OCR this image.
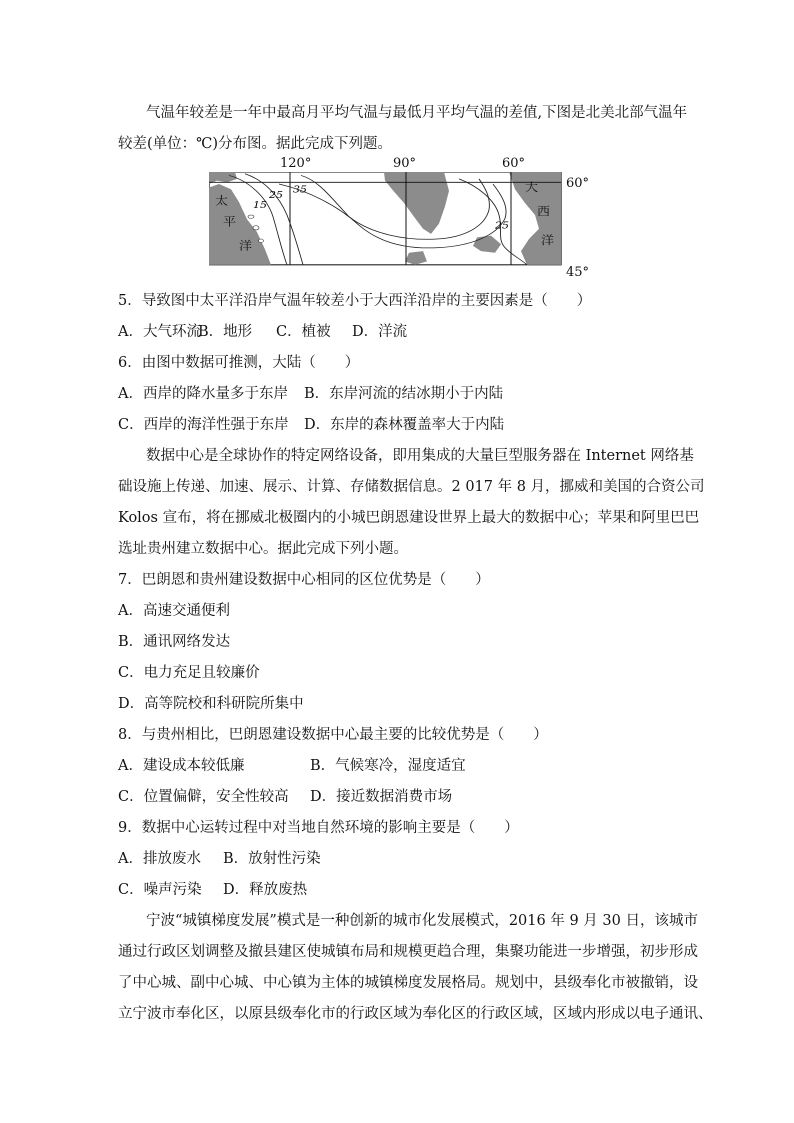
气温年较差是一年中最高月平均气温与最低月平均气温的差值,下图是北美北部气温年
较差(单位：℃)分布图。据此完成下列题。
120°	90°	60°
60°
45°
35
25
15
25
太
平
洋
大
西
洋
5．导致图中太平洋沿岸气温年较差小于大西洋沿岸的主要因素是（　　）
A．大气环流B．地形 C．植被 D．洋流
6．由图中数据可推测，大陆（　　）
A．西岸的降水量多于东岸 B．东岸河流的结冰期小于内陆
C．西岸的海洋性强于东岸 D．东岸的森林覆盖率大于内陆
数据中心是全球协作的特定网络设备，即用集成的大量巨型服务器在 Internet 网络基
础设施上传递、加速、展示、计算、存储数据信息。2 017 年 8 月，挪威和美国的合资公司
Kolos 宣布，将在挪威北极圈内的小城巴朗恩建设世界上最大的数据中心；苹果和阿里巴巴
选址贵州建立数据中心。据此完成下列小题。
7．巴朗恩和贵州建设数据中心相同的区位优势是（　　）
A．高速交通便利
B．通讯网络发达
C．电力充足且较廉价
D．高等院校和科研院所集中
8．与贵州相比，巴朗恩建设数据中心最主要的比较优势是（　　）
A．建设成本较低廉	B．气候寒冷，湿度适宜
C．位置偏僻，安全性较高 D．接近数据消费市场
9．数据中心运转过程中对当地自然环境的影响主要是（　　）
A．排放废水 B．放射性污染
C．噪声污染 D．释放废热
宁波“城镇梯度发展”模式是一种创新的城市化发展模式，2016 年 9 月 30 日，该城市
通过行政区划调整及撤县建区使城镇布局和规模更趋合理，集聚功能进一步增强，初步形成
了中心城、副中心城、中心镇为主体的城镇梯度发展格局。规划中，县级奉化市被撤销，设
立宁波市奉化区，以原县级奉化市的行政区域为奉化区的行政区域，区域内形成以电子通讯、
